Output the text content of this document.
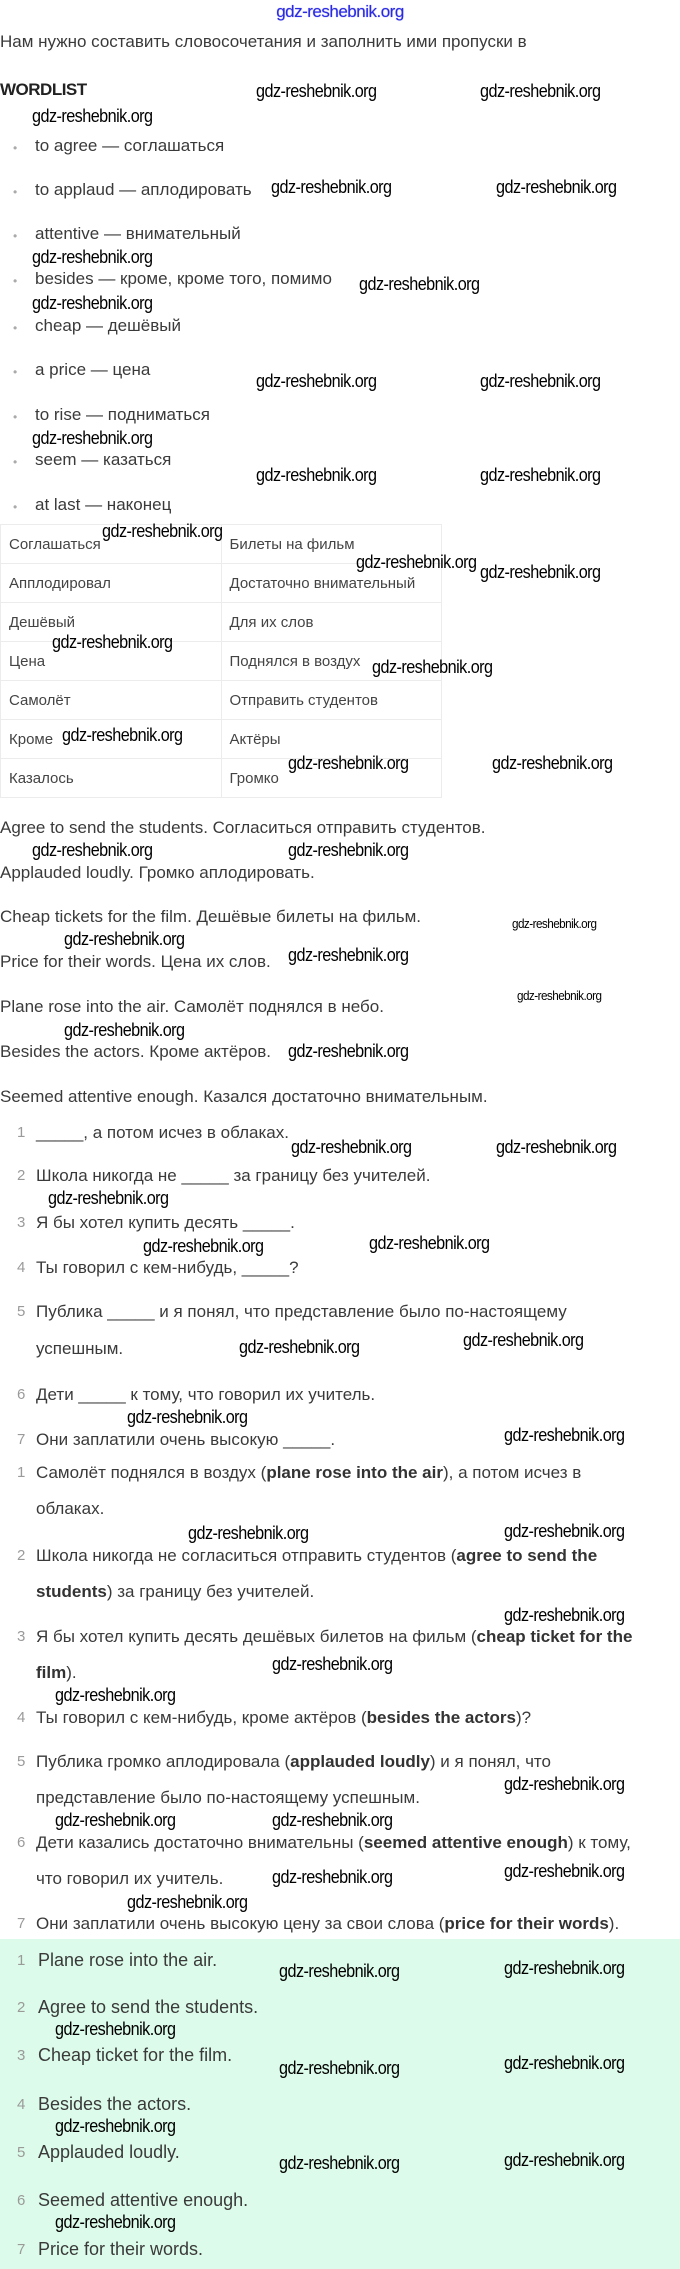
gdz-reshebnik.org
Нам нужно составить словосочетания и заполнить ими пропуски в
WORDLIST
• to agree — соглашаться
• to applaud — аплодировать
• attentive — внимательный
• besides — кроме, кроме того, помимо
• cheap — дешёвый
• a price — цена
• to rise — подниматься
• seem — казаться
• at last — наконец
Соглашаться	Билеты на фильм
Апплодировал	Достаточно внимательный
Дешёвый	Для их слов
Цена	Поднялся в воздух
Самолёт	Отправить студентов
Кроме	Актёры
Казалось	Громко
Agree to send the students. Согласиться отправить студентов.
Applauded loudly. Громко аплодировать.
Cheap tickets for the film. Дешёвые билеты на фильм.
Price for their words. Цена их слов.
Plane rose into the air. Самолёт поднялся в небо.
Besides the actors. Кроме актёров.
Seemed attentive enough. Казался достаточно внимательным.
1 _____, а потом исчез в облаках.
2 Школа никогда не _____ за границу без учителей.
3 Я бы хотел купить десять _____.
4 Ты говорил с кем-нибудь, _____?
5 Публика _____ и я понял, что представление было по-настоящему
успешным.
6 Дети _____ к тому, что говорил их учитель.
7 Они заплатили очень высокую _____.
1 Самолёт поднялся в воздух (plane rose into the air), а потом исчез в
облаках.
2 Школа никогда не согласиться отправить студентов (agree to send the
students) за границу без учителей.
3 Я бы хотел купить десять дешёвых билетов на фильм (cheap ticket for the
film).
4 Ты говорил с кем-нибудь, кроме актёров (besides the actors)?
5 Публика громко аплодировала (applauded loudly) и я понял, что
представление было по-настоящему успешным.
6 Дети казались достаточно внимательны (seemed attentive enough) к тому,
что говорил их учитель.
7 Они заплатили очень высокую цену за свои слова (price for their words).
1 Plane rose into the air.
2 Agree to send the students.
3 Cheap ticket for the film.
4 Besides the actors.
5 Applauded loudly.
6 Seemed attentive enough.
7 Price for their words.
gdz-reshebnik.org	gdz-reshebnik.org
gdz-reshebnik.org
gdz-reshebnik.org	gdz-reshebnik.org
gdz-reshebnik.org
gdz-reshebnik.org
gdz-reshebnik.org
gdz-reshebnik.org	gdz-reshebnik.org
gdz-reshebnik.org
gdz-reshebnik.org	gdz-reshebnik.org
gdz-reshebnik.org
gdz-reshebnik.org gdz-reshebnik.org
gdz-reshebnik.org
gdz-reshebnik.org
gdz-reshebnik.org
gdz-reshebnik.org	gdz-reshebnik.org
gdz-reshebnik.org	gdz-reshebnik.org
gdz-reshebnik.org
gdz-reshebnik.org
gdz-reshebnik.org
gdz-reshebnik.org
gdz-reshebnik.org
gdz-reshebnik.org
gdz-reshebnik.org
gdz-reshebnik.org	gdz-reshebnik.org
gdz-reshebnik.org	gdz-reshebnik.org
gdz-reshebnik.org	gdz-reshebnik.org
gdz-reshebnik.org
gdz-reshebnik.org
gdz-reshebnik.org
gdz-reshebnik.org
gdz-reshebnik.org
gdz-reshebnik.org
gdz-reshebnik.org
gdz-reshebnik.org
gdz-reshebnik.org
gdz-reshebnik.org
gdz-reshebnik.org	gdz-reshebnik.org
gdz-reshebnik.org
gdz-reshebnik.org	gdz-reshebnik.org
gdz-reshebnik.org
gdz-reshebnik.org	gdz-reshebnik.org
gdz-reshebnik.org
gdz-reshebnik.org	gdz-reshebnik.org
gdz-reshebnik.org
